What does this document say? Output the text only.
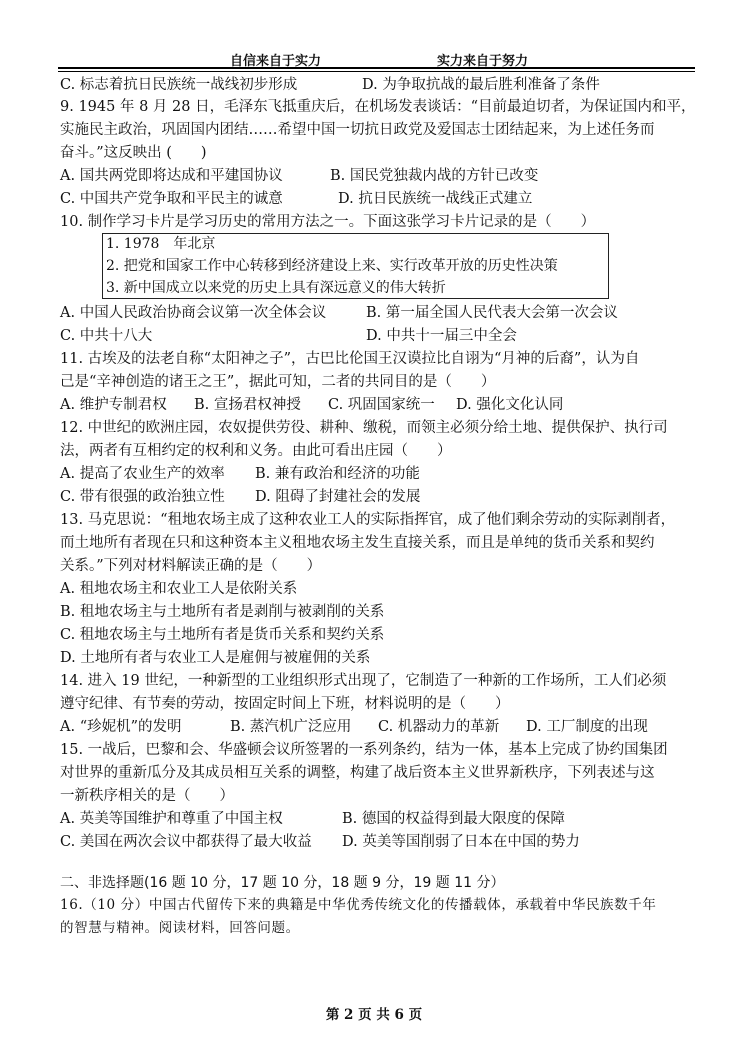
自信来自于实力	实力来自于努力
C. 标志着抗日民族统一战线初步形成	D. 为争取抗战的最后胜利准备了条件
9. 1945 年 8 月 28 日，毛泽东飞抵重庆后，在机场发表谈话：“目前最迫切者，为保证国内和平，
实施民主政治，巩固国内团结……希望中国一切抗日政党及爱国志士团结起来，为上述任务而
奋斗。”这反映出 (　　)
A. 国共两党即将达成和平建国协议	B. 国民党独裁内战的方针已改变
C. 中国共产党争取和平民主的诚意	D. 抗日民族统一战线正式建立
10. 制作学习卡片是学习历史的常用方法之一。下面这张学习卡片记录的是（　　）
1. 1978　年北京
2. 把党和国家工作中心转移到经济建设上来、实行改革开放的历史性决策
3. 新中国成立以来党的历史上具有深远意义的伟大转折
A. 中国人民政治协商会议第一次全体会议	B. 第一届全国人民代表大会第一次会议
C. 中共十八大	D. 中共十一届三中全会
11. 古埃及的法老自称“太阳神之子”，古巴比伦国王汉谟拉比自诩为“月神的后裔”，认为自
己是“辛神创造的诸王之王”，据此可知，二者的共同目的是（　　）
A. 维护专制君权 B. 宣扬君权神授 C. 巩固国家统一 D. 强化文化认同
12. 中世纪的欧洲庄园，农奴提供劳役、耕种、缴税，而领主必须分给土地、提供保护、执行司
法，两者有互相约定的权利和义务。由此可看出庄园（　　）
A. 提高了农业生产的效率 B. 兼有政治和经济的功能
C. 带有很强的政治独立性 D. 阻碍了封建社会的发展
13. 马克思说：“租地农场主成了这种农业工人的实际指挥官，成了他们剩余劳动的实际剥削者，
而土地所有者现在只和这种资本主义租地农场主发生直接关系，而且是单纯的货币关系和契约
关系。”下列对材料解读正确的是（　　）
A. 租地农场主和农业工人是依附关系
B. 租地农场主与土地所有者是剥削与被剥削的关系
C. 租地农场主与土地所有者是货币关系和契约关系
D. 土地所有者与农业工人是雇佣与被雇佣的关系
14. 进入 19 世纪，一种新型的工业组织形式出现了，它制造了一种新的工作场所，工人们必须
遵守纪律、有节奏的劳动，按固定时间上下班，材料说明的是（　　）
A. “珍妮机”的发明	B. 蒸汽机广泛应用 C. 机器动力的革新 D. 工厂制度的出现
15. 一战后，巴黎和会、华盛顿会议所签署的一系列条约，结为一体，基本上完成了协约国集团
对世界的重新瓜分及其成员相互关系的调整，构建了战后资本主义世界新秩序，下列表述与这
一新秩序相关的是（　　）
A. 英美等国维护和尊重了中国主权	B. 德国的权益得到最大限度的保障
C. 美国在两次会议中都获得了最大收益 D. 英美等国削弱了日本在中国的势力
二、非选择题(16 题 10 分，17 题 10 分，18 题 9 分，19 题 11 分）
16.（10 分）中国古代留传下来的典籍是中华优秀传统文化的传播载体，承载着中华民族数千年
的智慧与精神。阅读材料，回答问题。
第 2 页 共 6 页
